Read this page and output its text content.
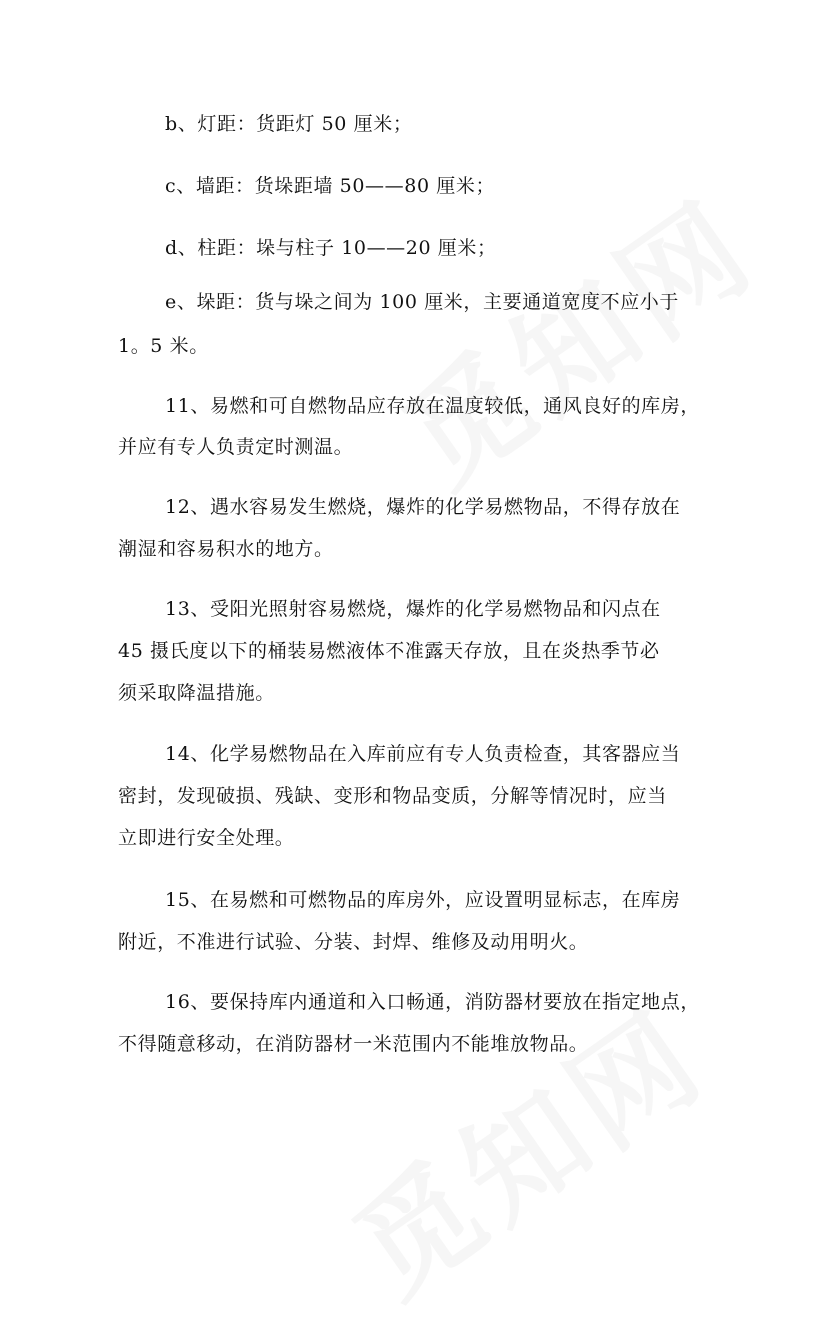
b、灯距：货距灯 50 厘米；
c、墙距：货垛距墙 50——80 厘米；
d、柱距：垛与柱子 10——20 厘米；
e、垛距：货与垛之间为 100 厘米，主要通道宽度不应小于
1。5 米。
11、易燃和可自燃物品应存放在温度较低，通风良好的库房，
并应有专人负责定时测温。
12、遇水容易发生燃烧，爆炸的化学易燃物品，不得存放在
潮湿和容易积水的地方。
13、受阳光照射容易燃烧，爆炸的化学易燃物品和闪点在
45 摄氏度以下的桶装易燃液体不准露天存放，且在炎热季节必
须采取降温措施。
14、化学易燃物品在入库前应有专人负责检查，其客器应当
密封，发现破损、残缺、变形和物品变质，分解等情况时，应当
立即进行安全处理。
15、在易燃和可燃物品的库房外，应设置明显标志，在库房
附近，不准进行试验、分装、封焊、维修及动用明火。
16、要保持库内通道和入口畅通，消防器材要放在指定地点，
不得随意移动，在消防器材一米范围内不能堆放物品。
